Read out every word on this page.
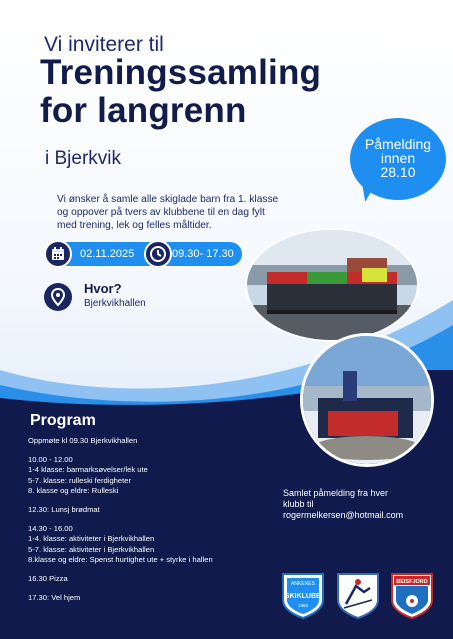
Vi inviterer til
Treningssamling
for langrenn
i Bjerkvik
Påmelding
innen
28.10
Vi ønsker å samle alle skiglade barn fra 1. klasse
og oppover på tvers av klubbene til en dag fylt
med trening, lek og felles måltider.
02.11.2025	09.30- 17.30
Hvor?
Bjerkvikhallen
Program
Oppmøte kl 09.30 Bjerkvikhallen
10.00 - 12.00
1-4 klasse: barmarksøvelser/lek ute
5-7. klasse: rulleski ferdigheter
8. klasse og eldre: Rulleski
12.30: Lunsj brødmat
14.30 - 16.00
1-4. klasse: aktiviteter i Bjerkvikhallen
5-7. klasse: aktiviteter i Bjerkvikhallen
8.klasse og eldre: Spenst hurtighet ute + styrke i hallen
16.30 Pizza
17.30: Vel hjem
Samlet påmelding fra hver
klubb til
rogermelkersen@hotmail.com
ANKENES
SKIKLUBB
1983
BEISFJORD
